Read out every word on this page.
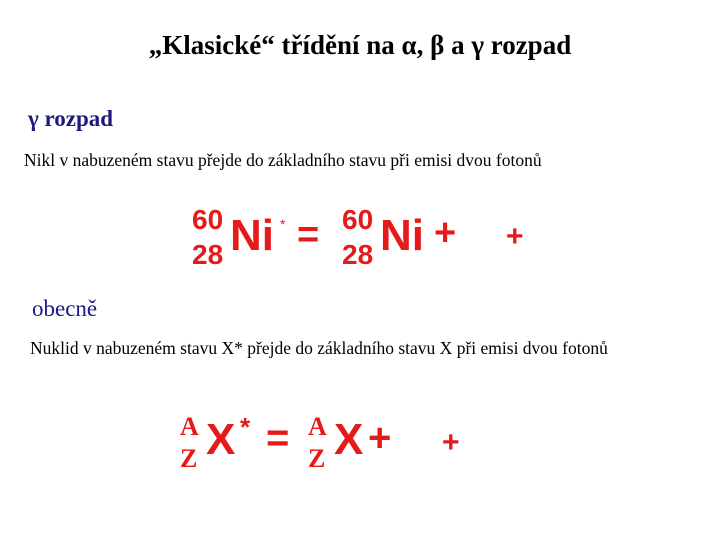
„Klasické“ třídění na α, β a γ rozpad
γ rozpad
Nikl v nabuzeném stavu přejde do základního stavu při emisi dvou fotonů
60
28 Ni * = 60
28 Ni + +
obecně
Nuklid v nabuzeném stavu X* přejde do základního stavu X při emisi dvou fotonů
A
Z X * = A
Z X + +
